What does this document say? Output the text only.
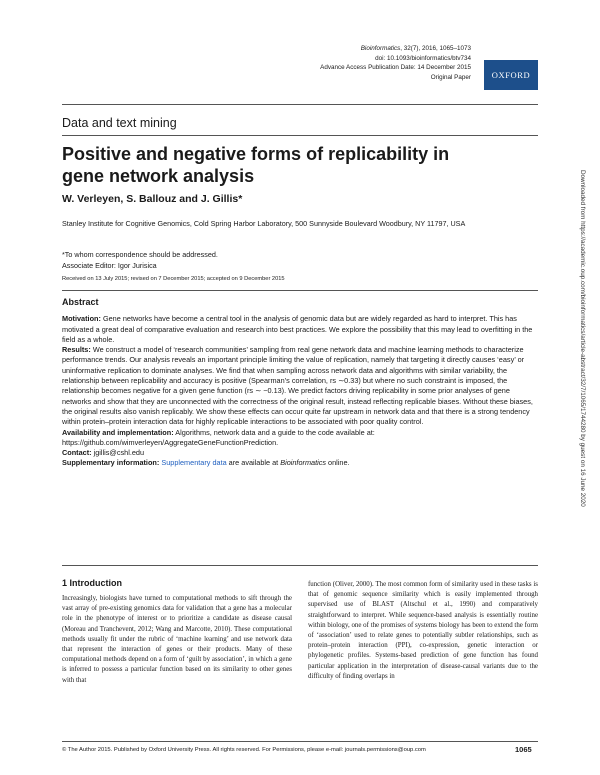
Bioinformatics, 32(7), 2016, 1065–1073
doi: 10.1093/bioinformatics/btv734
Advance Access Publication Date: 14 December 2015
Original Paper	OXFORD
Data and text mining
Positive and negative forms of replicability in gene network analysis
W. Verleyen, S. Ballouz and J. Gillis*
Stanley Institute for Cognitive Genomics, Cold Spring Harbor Laboratory, 500 Sunnyside Boulevard Woodbury, NY 11797, USA
*To whom correspondence should be addressed.
Associate Editor: Igor Jurisica
Received on 13 July 2015; revised on 7 December 2015; accepted on 9 December 2015

Abstract

Motivation: Gene networks have become a central tool in the analysis of genomic data but are widely regarded as hard to interpret. This has motivated a great deal of comparative evaluation and research into best practices. We explore the possibility that this may lead to overfitting in the field as a whole.

Results: We construct a model of ‘research communities’ sampling from real gene network data and machine learning methods to characterize performance trends. Our analysis reveals an important principle limiting the value of replication, namely that targeting it directly causes ‘easy’ or uninformative replication to dominate analyses. We find that when sampling across network data and algorithms with similar variability, the relationship between replicability and accuracy is positive (Spearman’s correlation, rs ∼0.33) but where no such constraint is imposed, the relationship becomes negative for a given gene function (rs ∼ −0.13). We predict factors driving replicability in some prior analyses of gene networks and show that they are unconnected with the correctness of the original result, instead reflecting replicable biases. Without these biases, the original results also vanish replicably. We show these effects can occur quite far upstream in network data and that there is a strong tendency within protein–protein interaction data for highly replicable interactions to be associated with poor quality control.

Availability and implementation: Algorithms, network data and a guide to the code available at: https://github.com/wimverleyen/AggregateGeneFunctionPrediction.

Contact: jgillis@cshl.edu

Supplementary information: Supplementary data are available at Bioinformatics online.

1 Introduction

Increasingly, biologists have turned to computational methods to sift through the vast array of pre-existing genomics data for validation that a gene has a molecular role in the phenotype of interest or to prioritize a candidate as disease causal (Moreau and Tranchevent, 2012; Wang and Marcotte, 2010). These computational methods usually fit under the rubric of ‘machine learning’ and use network data that represent the interaction of genes or their products. Many of these computational methods depend on a form of ‘guilt by association’, in which a gene is inferred to possess a particular function based on its similarity to other genes with that

function (Oliver, 2000). The most common form of similarity used in these tasks is that of genomic sequence similarity which is easily implemented through supervised use of BLAST (Altschul et al., 1990) and comparatively straightforward to interpret. While sequence-based analysis is essentially routine within biology, one of the promises of systems biology has been to extend the form of ‘association’ used to relate genes to potentially subtler relationships, such as protein–protein interaction (PPI), co-expression, genetic interaction or phylogenetic profiles. Systems-based prediction of gene function has found particular application in the interpretation of disease-causal variants due to the difficulty of finding overlaps in

© The Author 2015. Published by Oxford University Press. All rights reserved. For Permissions, please e-mail: journals.permissions@oup.com	1065
Downloaded from https://academic.oup.com/bioinformatics/article-abstract/32/7/1065/1744280 by guest on 16 June 2020
